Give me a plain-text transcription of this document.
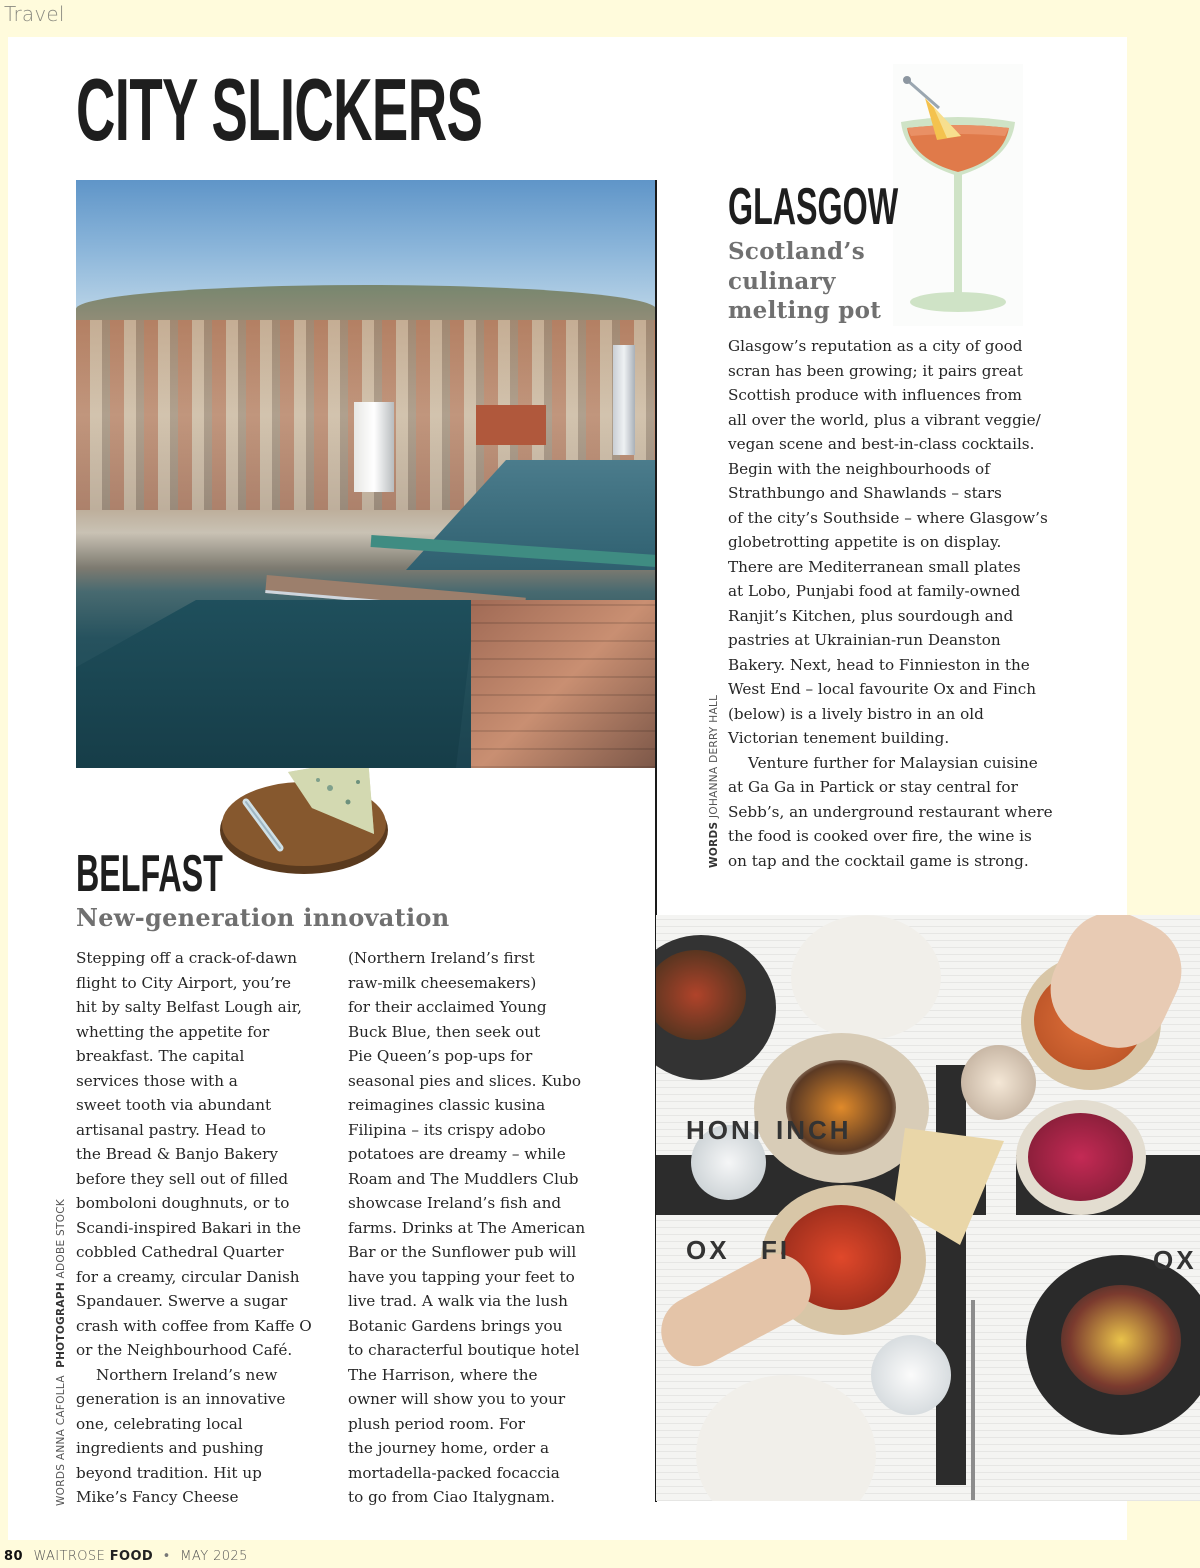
Travel
CITY SLICKERS
GLASGOW
Scotland’s
culinary
melting pot

Glasgow’s reputation as a city of good

scran has been growing; it pairs great

Scottish produce with influences from

all over the world, plus a vibrant veggie/

vegan scene and best-in-class cocktails.

Begin with the neighbourhoods of

Strathbungo and Shawlands – stars

of the city’s Southside – where Glasgow’s

globetrotting appetite is on display.

There are Mediterranean small plates

at Lobo, Punjabi food at family-owned

Ranjit’s Kitchen, plus sourdough and

pastries at Ukrainian-run Deanston

Bakery. Next, head to Finnieston in the

West End – local favourite Ox and Finch

(below) is a lively bistro in an old

Victorian tenement building.

Venture further for Malaysian cuisine

at Ga Ga in Partick or stay central for

Sebb’s, an underground restaurant where

the food is cooked over fire, the wine is

on tap and the cocktail game is strong.

WORDS JOHANNA DERRY HALL
BELFAST
New-generation innovation

Stepping off a crack-of-dawn

flight to City Airport, you’re

hit by salty Belfast Lough air,

whetting the appetite for

breakfast. The capital

services those with a

sweet tooth via abundant

artisanal pastry. Head to

the Bread & Banjo Bakery

before they sell out of filled

bomboloni doughnuts, or to

Scandi-inspired Bakari in the

cobbled Cathedral Quarter

for a creamy, circular Danish

Spandauer. Swerve a sugar

crash with coffee from Kaffe O

or the Neighbourhood Café.

Northern Ireland’s new

generation is an innovative

one, celebrating local

ingredients and pushing

beyond tradition. Hit up

Mike’s Fancy Cheese

(Northern Ireland’s first

raw-milk cheesemakers)

for their acclaimed Young

Buck Blue, then seek out

Pie Queen’s pop-ups for

seasonal pies and slices. Kubo

reimagines classic kusina

Filipina – its crispy adobo

potatoes are dreamy – while

Roam and The Muddlers Club

showcase Ireland’s fish and

farms. Drinks at The American

Bar or the Sunflower pub will

have you tapping your feet to

live trad. A walk via the lush

Botanic Gardens brings you

to characterful boutique hotel

The Harrison, where the

owner will show you to your

plush period room. For

the journey home, order a

mortadella-packed focaccia

to go from Ciao Italygnam.

WORDS ANNA CAFOLLA  PHOTOGRAPH ADOBE STOCK
HONI INCH
OX FI	OX
80 WAITROSE FOOD • MAY 2025
